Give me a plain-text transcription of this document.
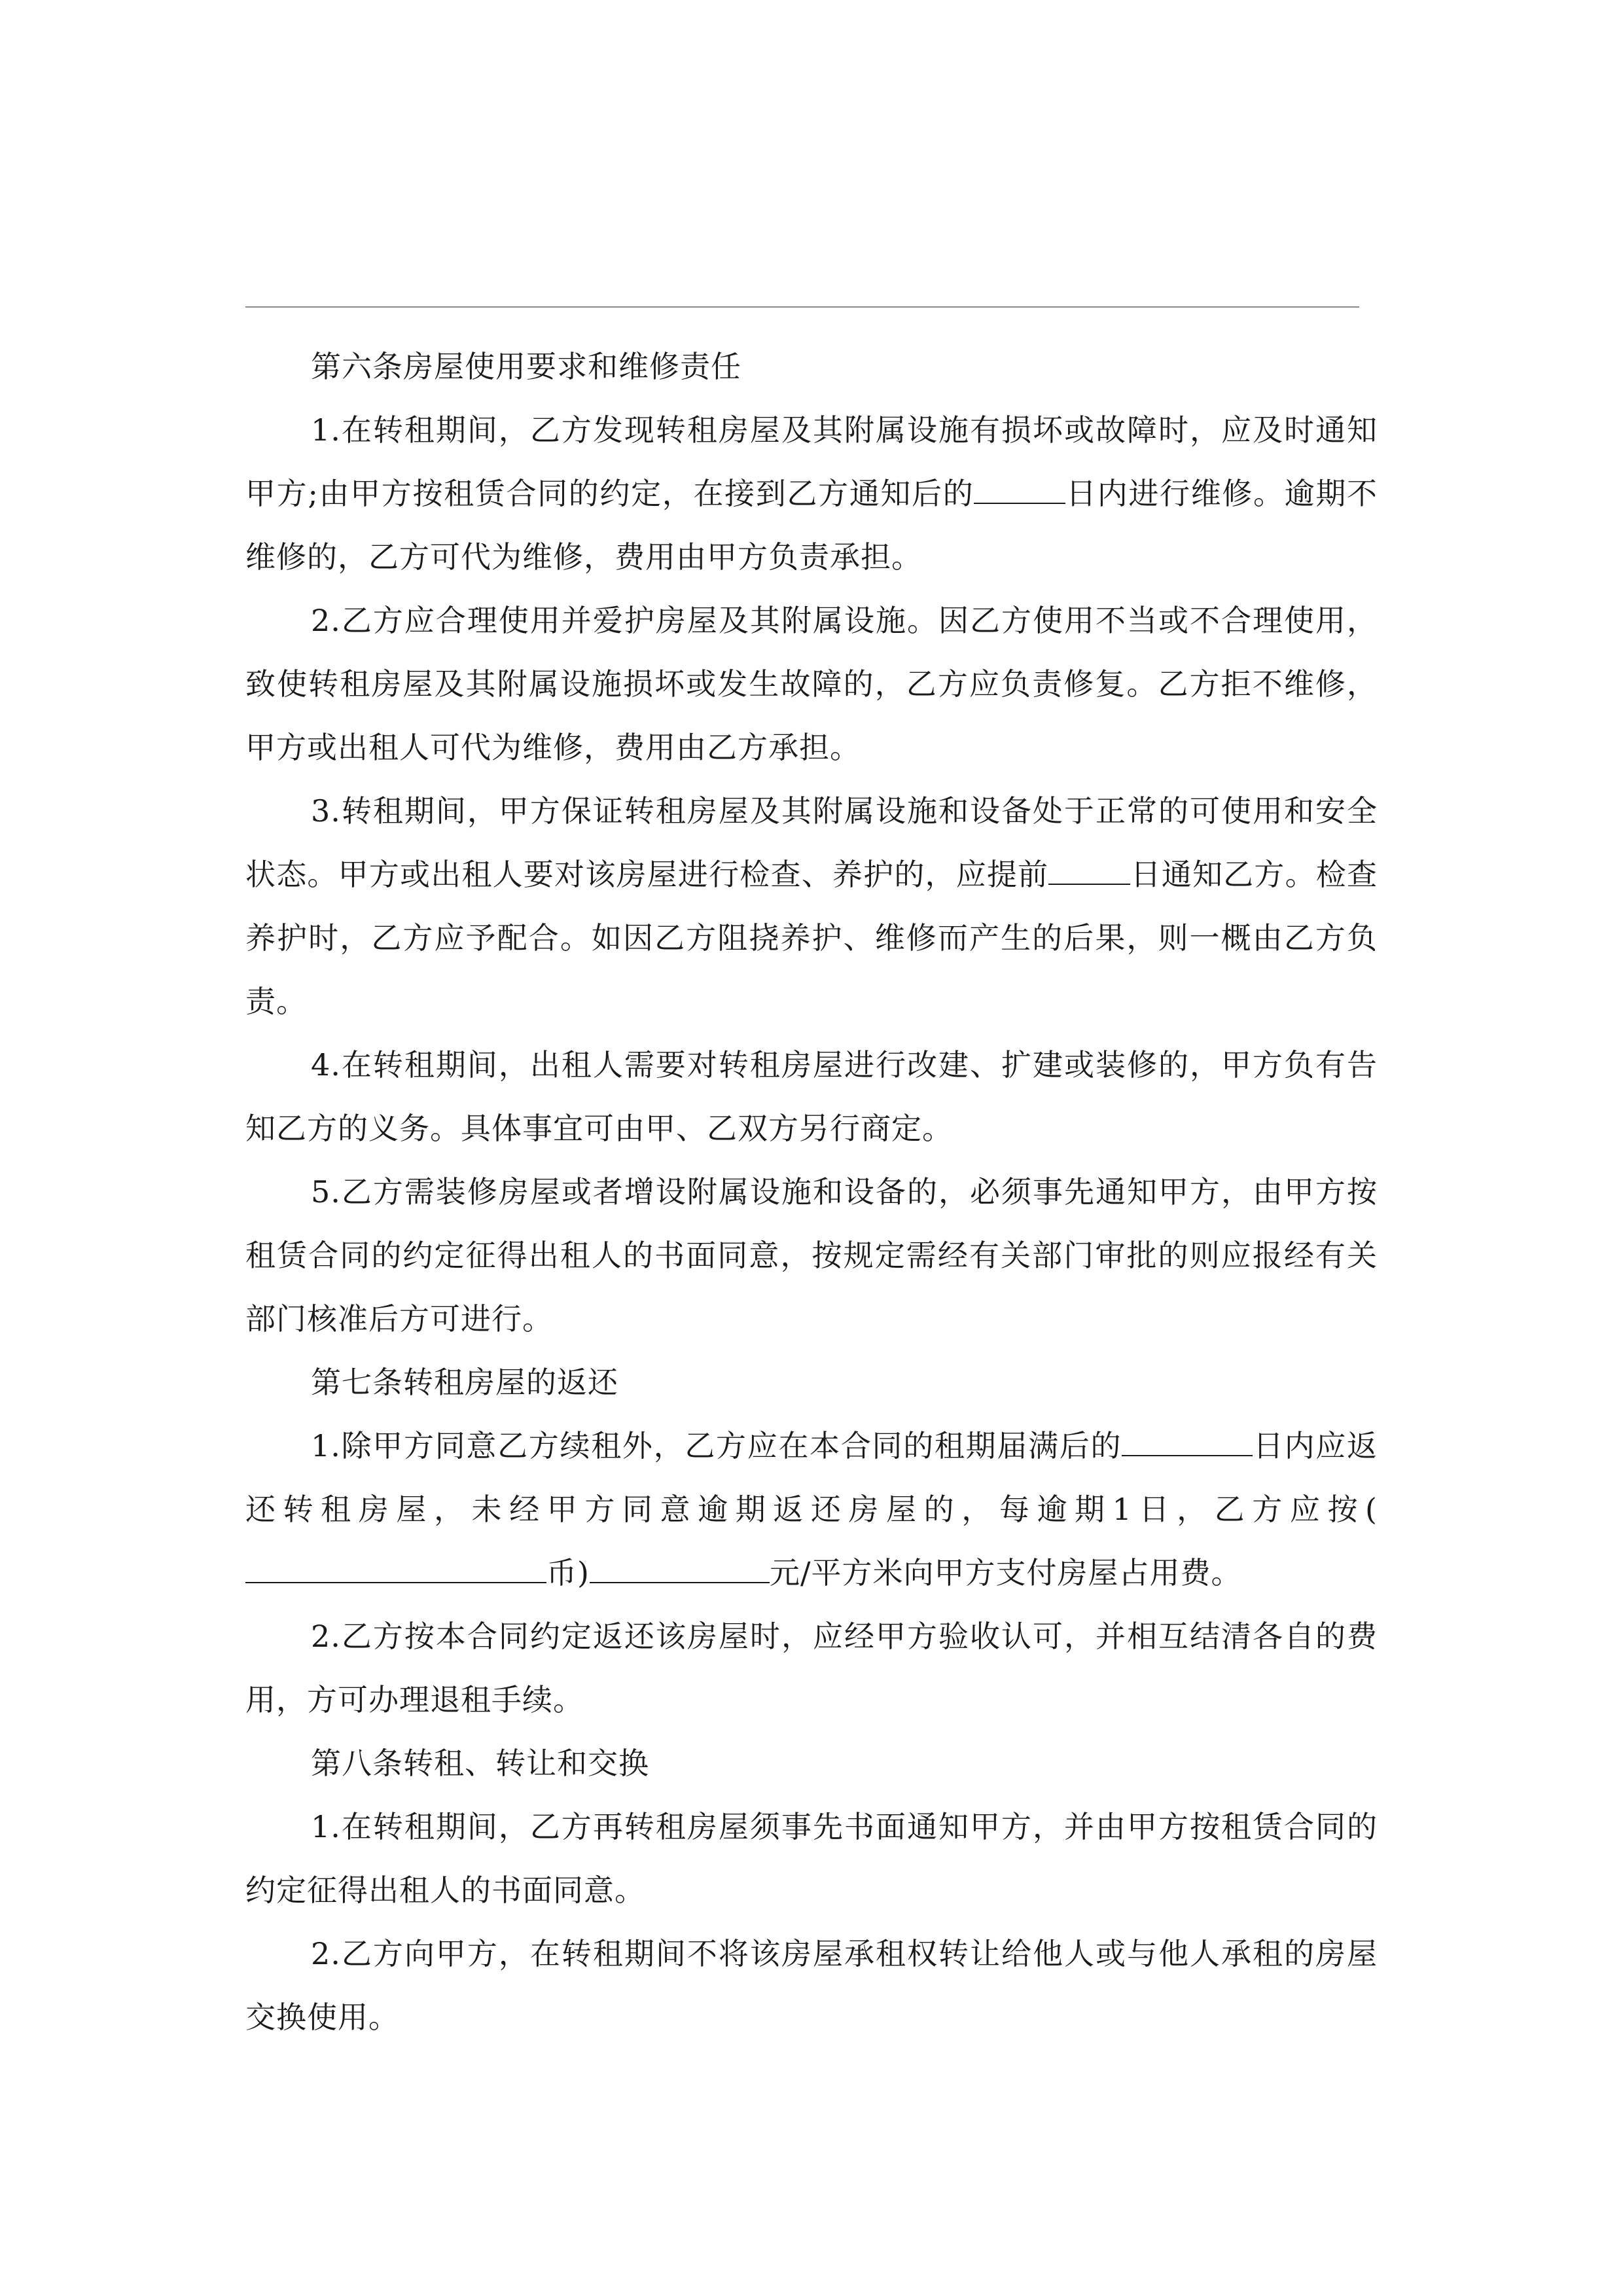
第六条房屋使用要求和维修责任

1.在转租期间，乙方发现转租房屋及其附属设施有损坏或故障时，应及时通知甲方;由甲方按租赁合同的约定，在接到乙方通知后的	日内进行维修。逾期不维修的，乙方可代为维修，费用由甲方负责承担。

2.乙方应合理使用并爱护房屋及其附属设施。因乙方使用不当或不合理使用，致使转租房屋及其附属设施损坏或发生故障的，乙方应负责修复。乙方拒不维修，甲方或出租人可代为维修，费用由乙方承担。

3.转租期间，甲方保证转租房屋及其附属设施和设备处于正常的可使用和安全状态。甲方或出租人要对该房屋进行检查、养护的，应提前	日通知乙方。检查养护时，乙方应予配合。如因乙方阻挠养护、维修而产生的后果，则一概由乙方负责。

4.在转租期间，出租人需要对转租房屋进行改建、扩建或装修的，甲方负有告知乙方的义务。具体事宜可由甲、乙双方另行商定。

5.乙方需装修房屋或者增设附属设施和设备的，必须事先通知甲方，由甲方按租赁合同的约定征得出租人的书面同意，按规定需经有关部门审批的则应报经有关部门核准后方可进行。

第七条转租房屋的返还

1.除甲方同意乙方续租外，乙方应在本合同的租期届满后的	日内应返还转租房屋，未经甲方同意逾期返还房屋的，每逾期1日，乙方应按(币)	元/平方米向甲方支付房屋占用费。

2.乙方按本合同约定返还该房屋时，应经甲方验收认可，并相互结清各自的费用，方可办理退租手续。

第八条转租、转让和交换

1.在转租期间，乙方再转租房屋须事先书面通知甲方，并由甲方按租赁合同的约定征得出租人的书面同意。

2.乙方向甲方，在转租期间不将该房屋承租权转让给他人或与他人承租的房屋交换使用。
